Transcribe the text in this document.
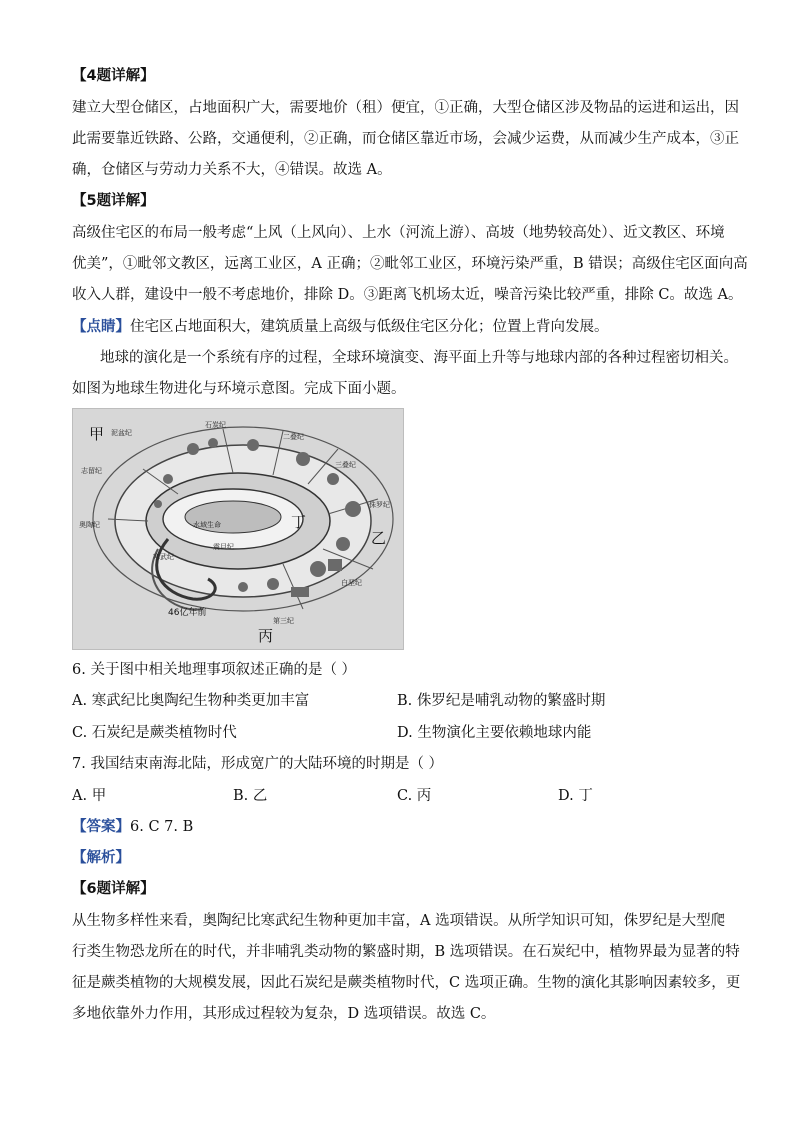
【4题详解】
建立大型仓储区，占地面积广大，需要地价（租）便宜，①正确，大型仓储区涉及物品的运进和运出，因
此需要靠近铁路、公路，交通便利，②正确，而仓储区靠近市场，会减少运费，从而减少生产成本，③正
确，仓储区与劳动力关系不大，④错误。故选 A。
【5题详解】
高级住宅区的布局一般考虑“上风（上风向）、上水（河流上游）、高坡（地势较高处）、近文教区、环境
优美”，①毗邻文教区，远离工业区，A 正确；②毗邻工业区，环境污染严重，B 错误；高级住宅区面向高
收入人群，建设中一般不考虑地价，排除 D。③距离飞机场太近，噪音污染比较严重，排除 C。故选 A。
【点睛】住宅区占地面积大，建筑质量上高级与低级住宅区分化；位置上背向发展。
地球的演化是一个系统有序的过程，全球环境演变、海平面上升等与地球内部的各种过程密切相关。
如图为地球生物进化与环境示意图。完成下面小题。
甲
乙
丙
丁
46亿年前
水域生命
泥盆纪
石炭纪
二叠纪
三叠纪
侏罗纪
白垩纪
第三纪
志留纪
奥陶纪
寒武纪
震旦纪
6. 关于图中相关地理事项叙述正确的是（ ）
A. 寒武纪比奥陶纪生物种类更加丰富	B. 侏罗纪是哺乳动物的繁盛时期
C. 石炭纪是蕨类植物时代	D. 生物演化主要依赖地球内能
7. 我国结束南海北陆，形成宽广的大陆环境的时期是（ ）
A. 甲	B. 乙	C. 丙	D. 丁
【答案】6. C 7. B
【解析】
【6题详解】
从生物多样性来看，奥陶纪比寒武纪生物种更加丰富，A 选项错误。从所学知识可知，侏罗纪是大型爬
行类生物恐龙所在的时代，并非哺乳类动物的繁盛时期，B 选项错误。在石炭纪中，植物界最为显著的特
征是蕨类植物的大规模发展，因此石炭纪是蕨类植物时代，C 选项正确。生物的演化其影响因素较多，更
多地依靠外力作用，其形成过程较为复杂，D 选项错误。故选 C。
